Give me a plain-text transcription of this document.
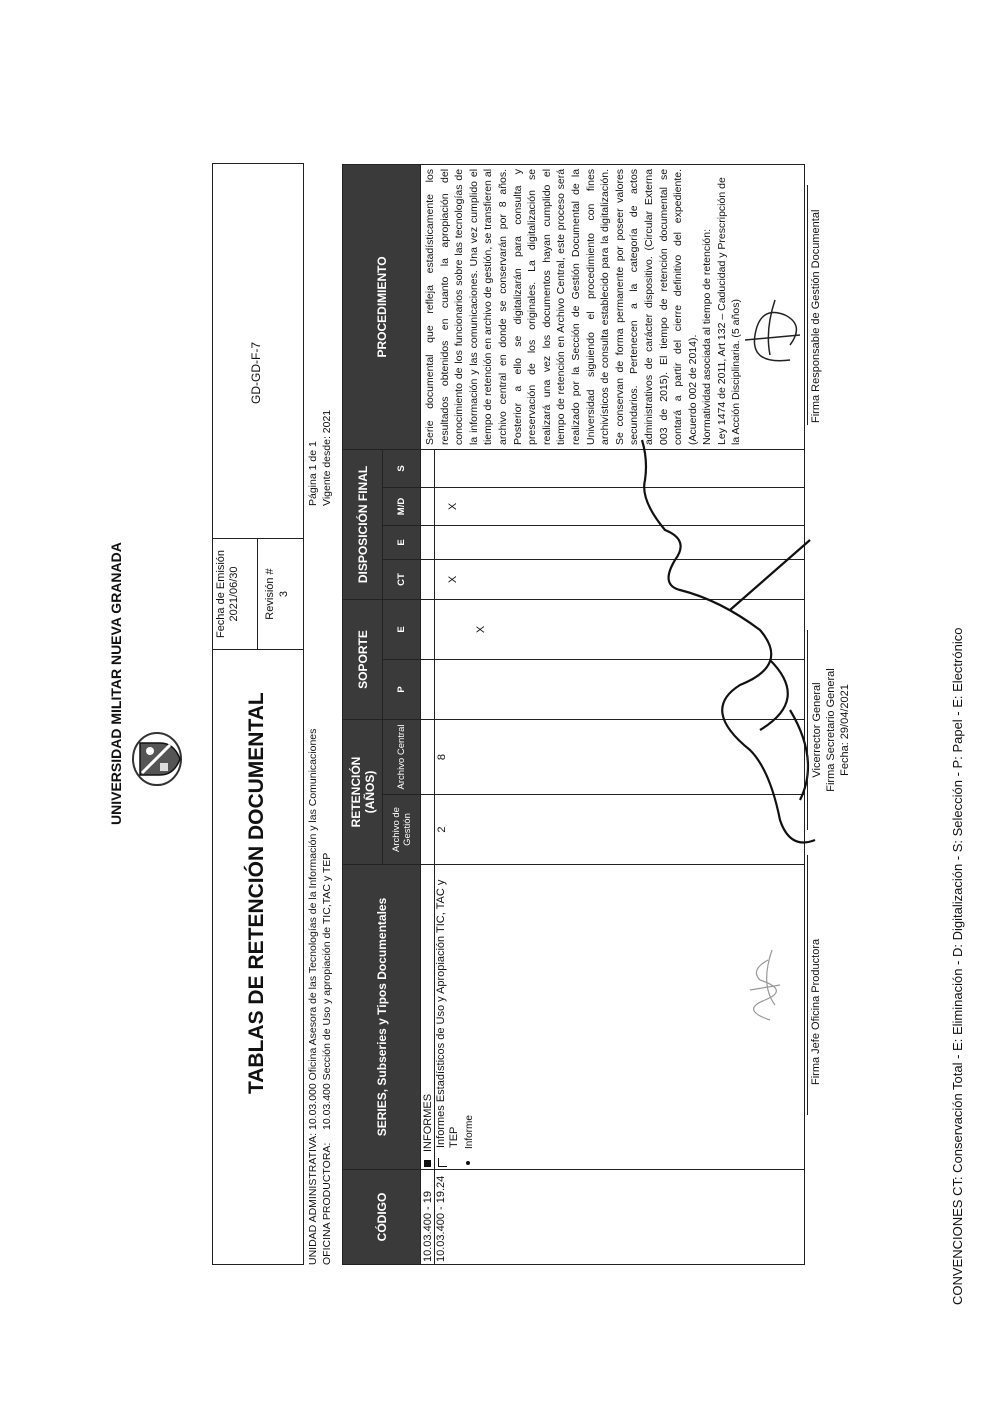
UNIVERSIDAD MILITAR NUEVA GRANADA
TABLAS DE RETENCIÓN DOCUMENTAL
Fecha de Emisión 2021/06/30	Revisión # 3
GD-GD-F-7
UNIDAD ADMINISTRATIVA:
10.03.000 Oficina Asesora de las Tecnologías de la Información y las Comunicaciones
OFICINA PRODUCTORA:
10.03.400 Sección de Uso y apropiación de TIC,TAC y TEP
Página 1 de 1 Vigente desde: 2021
CÓDIGO	SERIES, Subseries y Tipos Documentales	RETENCIÓN (AÑOS)		SOPORTE		DISPOSICIÓN FINAL				PROCEDIMIENTO
		Archivo de Gestión	Archivo Central	P	E	CT	E	M/D	S	
10.03.400 - 19	INFORMES									Serie documental que refleja estadísticamente los resultados obtenidos en cuanto la apropiación del conocimiento de los funcionarios sobre las tecnologías de la información y las comunicaciones. Una vez cumplido el tiempo de retención en archivo de gestión, se transfieren al archivo central en donde se conservarán por 8 años. Posterior a ello se digitalizarán para consulta y preservación de los originales. La digitalización se realizará una vez los documentos hayan cumplido el tiempo de retención en Archivo Central, este proceso será realizado por la Sección de Gestión Documental de la Universidad siguiendo el procedimiento con fines archivísticos de consulta establecido para la digitalización. Se conservan de forma permanente por poseer valores secundarios. Pertenecen a la categoría de actos administrativos de carácter dispositivo. (Circular Externa 003 de 2015). El tiempo de retención documental se contará a partir del cierre definitivo del expediente. (Acuerdo 002 de 2014). Normatividad asociada al tiempo de retención: Ley 1474 de 2011, Art 132 – Caducidad y Prescripción de la Acción Disciplinaria. (5 años)

10.03.400 - 19.24	Informes Estadísticos de Uso y Apropiación TIC, TAC y TEP Informe	2	8		X	X		X		
Firma Jefe Oficina Productora
Vicerrector General Firma Secretario General Fecha: 29/04/2021
Firma Responsable de Gestión Documental
CONVENCIONES CT: Conservación Total - E: Eliminación - D: Digitalización - S: Selección - P: Papel - E: Electrónico
